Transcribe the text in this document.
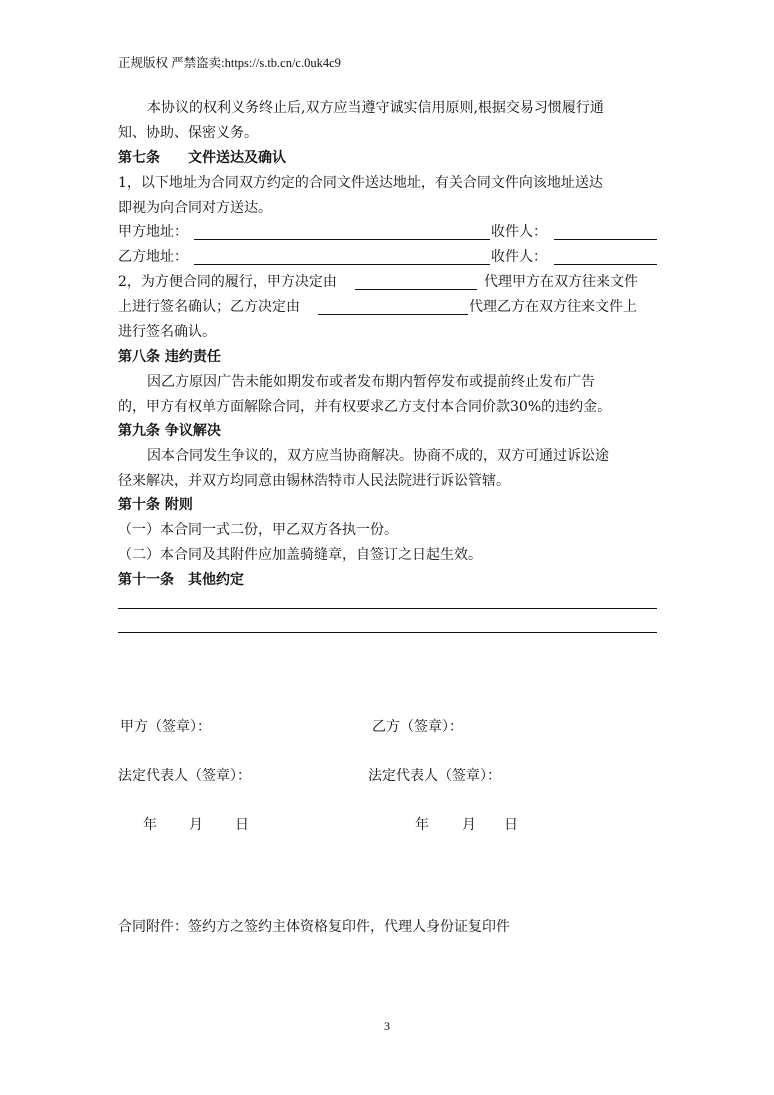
正规版权 严禁盗卖:https://s.tb.cn/c.0uk4c9
本协议的权利义务终止后,双方应当遵守诚实信用原则,根据交易习惯履行通
知、协助、保密义务。
第七条　　文件送达及确认
1，以下地址为合同双方约定的合同文件送达地址，有关合同文件向该地址送达
即视为向合同对方送达。
甲方地址：	收件人：
乙方地址：	收件人：
2，为方便合同的履行，甲方决定由	代理甲方在双方往来文件
上进行签名确认；乙方决定由	代理乙方在双方往来文件上
进行签名确认。
第八条 违约责任
因乙方原因广告未能如期发布或者发布期内暂停发布或提前终止发布广告
的，甲方有权单方面解除合同，并有权要求乙方支付本合同价款30%的违约金。
第九条 争议解决
因本合同发生争议的，双方应当协商解决。协商不成的，双方可通过诉讼途
径来解决，并双方均同意由锡林浩特市人民法院进行诉讼管辖。
第十条 附则
（一）本合同一式二份，甲乙双方各执一份。
（二）本合同及其附件应加盖骑缝章，自签订之日起生效。
第十一条　其他约定
甲方（签章）：	乙方（签章）：
法定代表人（签章）：	法定代表人（签章）：
年 月 日	年 月 日
合同附件：签约方之签约主体资格复印件，代理人身份证复印件
3
